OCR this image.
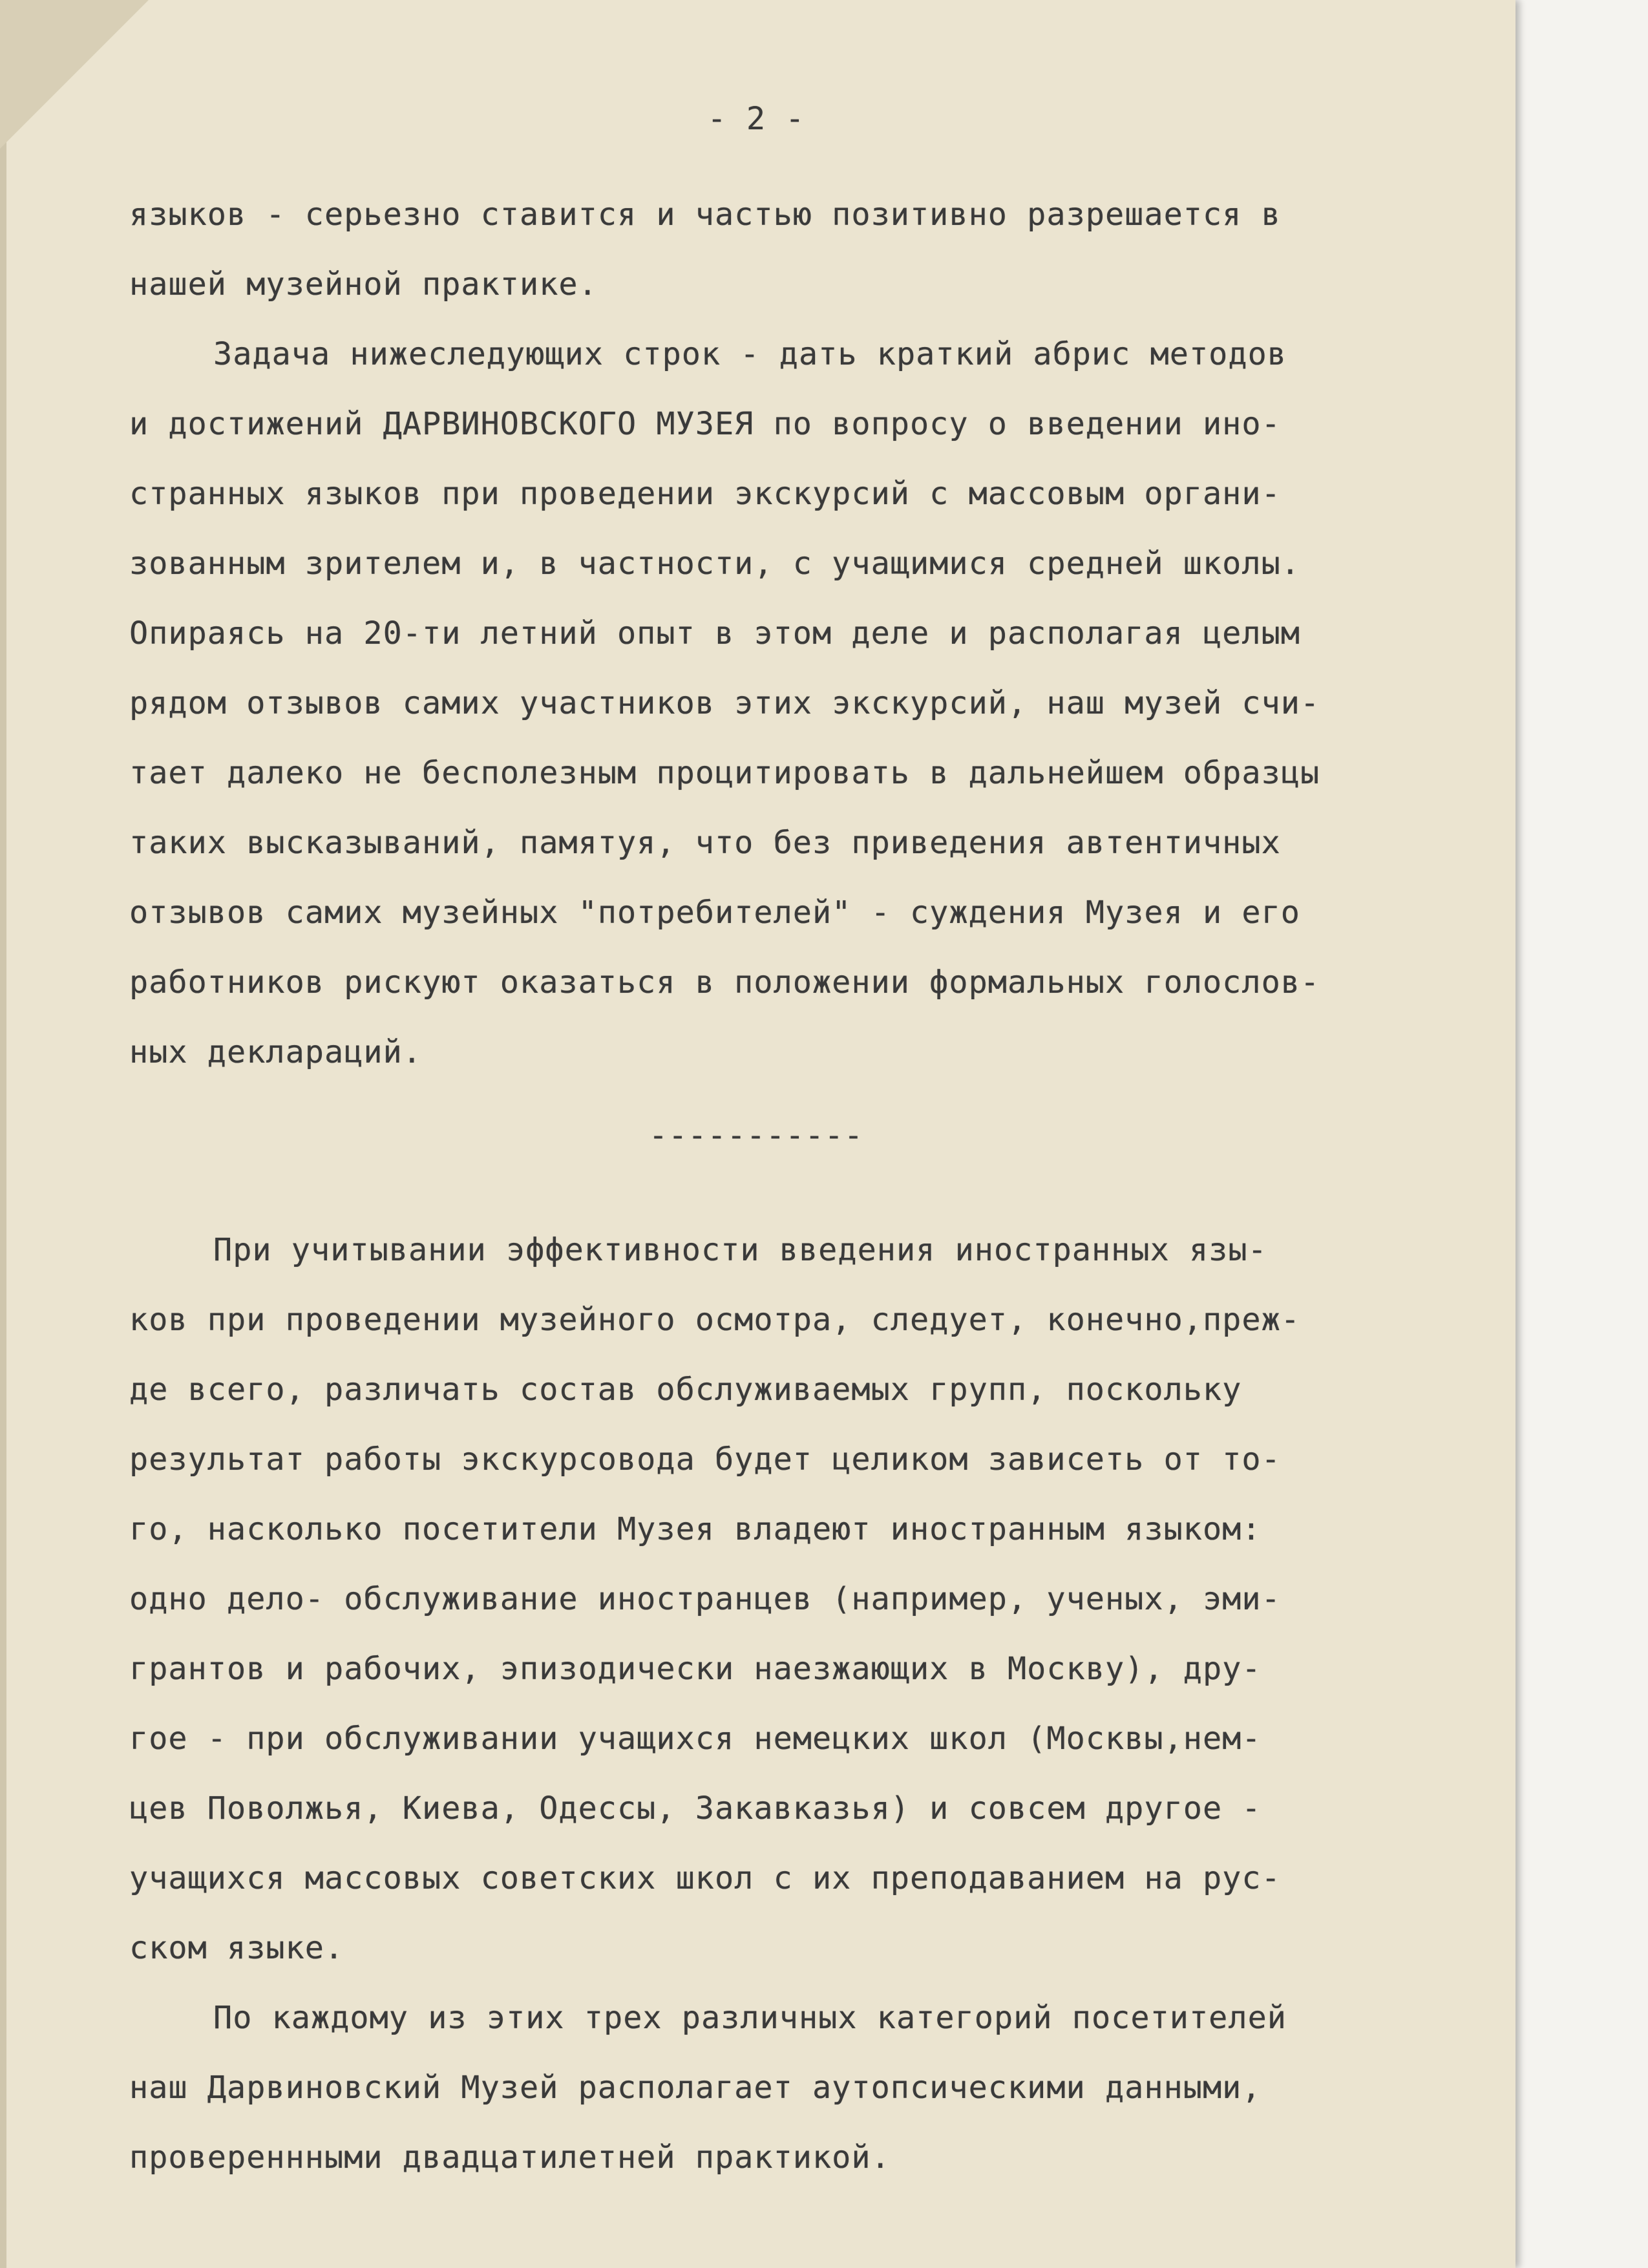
- 2 -
языков - серьезно ставится и частью позитивно разрешается в
нашей музейной практике.
Задача нижеследующих строк - дать краткий абрис методов
и достижений ДАРВИНОВСКОГО МУЗЕЯ по вопросу о введении ино-
странных языков при проведении экскурсий с массовым органи-
зованным зрителем и, в частности, с учащимися средней школы.
Опираясь на 20-ти летний опыт в этом деле и располагая целым
рядом отзывов самих участников этих экскурсий, наш музей счи-
тает далеко не бесполезным процитировать в дальнейшем образцы
таких высказываний, памятуя, что без приведения автентичных
отзывов самих музейных "потребителей" - суждения Музея и его
работников рискуют оказаться в положении формальных голослов-
ных деклараций.
-----------
При учитывании эффективности введения иностранных язы-
ков при проведении музейного осмотра, следует, конечно,преж-
де всего, различать состав обслуживаемых групп, поскольку
результат работы экскурсовода будет целиком зависеть от то-
го, насколько посетители Музея владеют иностранным языком:
одно дело- обслуживание иностранцев (например, ученых, эми-
грантов и рабочих, эпизодически наезжающих в Москву), дру-
гое - при обслуживании учащихся немецких школ (Москвы,нем-
цев Поволжья, Киева, Одессы, Закавказья) и совсем другое -
учащихся массовых советских школ с их преподаванием на рус-
ском языке.
По каждому из этих трех различных категорий посетителей
наш Дарвиновский Музей располагает аутопсическими данными,
провереннными двадцатилетней практикой.
